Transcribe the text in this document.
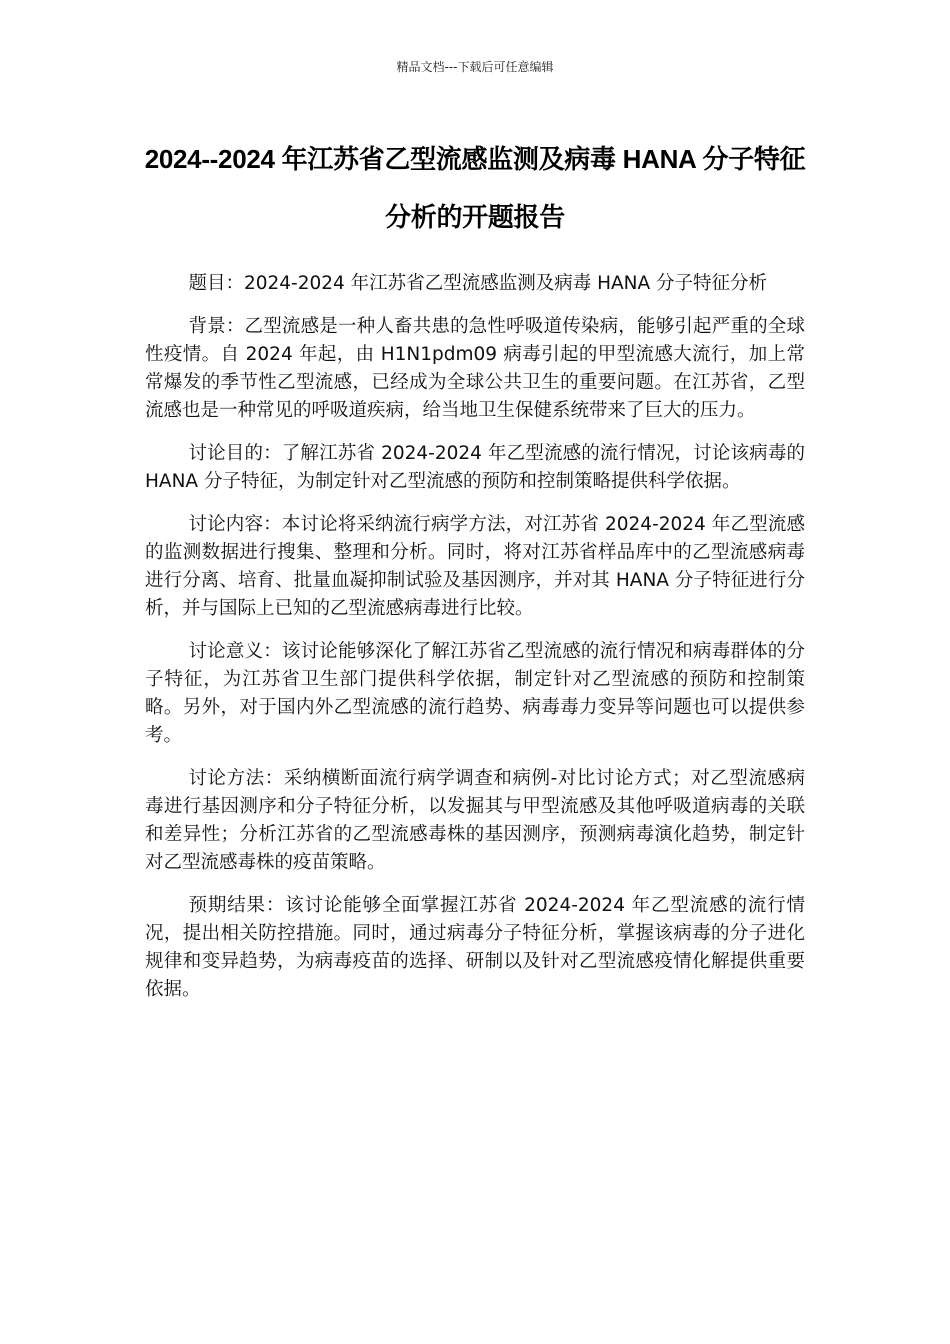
精品文档---下载后可任意编辑
2024--2024 年江苏省乙型流感监测及病毒 HANA 分子特征分析的开题报告

题目：2024-2024 年江苏省乙型流感监测及病毒 HANA 分子特征分析

背景：乙型流感是一种人畜共患的急性呼吸道传染病，能够引起严重的全球性疫情。自 2024 年起，由 H1N1pdm09 病毒引起的甲型流感大流行，加上常常爆发的季节性乙型流感，已经成为全球公共卫生的重要问题。在江苏省，乙型流感也是一种常见的呼吸道疾病，给当地卫生保健系统带来了巨大的压力。

讨论目的：了解江苏省 2024-2024 年乙型流感的流行情况，讨论该病毒的 HANA 分子特征，为制定针对乙型流感的预防和控制策略提供科学依据。

讨论内容：本讨论将采纳流行病学方法，对江苏省 2024-2024 年乙型流感的监测数据进行搜集、整理和分析。同时，将对江苏省样品库中的乙型流感病毒进行分离、培育、批量血凝抑制试验及基因测序，并对其 HANA 分子特征进行分析，并与国际上已知的乙型流感病毒进行比较。

讨论意义：该讨论能够深化了解江苏省乙型流感的流行情况和病毒群体的分子特征，为江苏省卫生部门提供科学依据，制定针对乙型流感的预防和控制策略。另外，对于国内外乙型流感的流行趋势、病毒毒力变异等问题也可以提供参考。

讨论方法：采纳横断面流行病学调查和病例-对比讨论方式；对乙型流感病毒进行基因测序和分子特征分析，以发掘其与甲型流感及其他呼吸道病毒的关联和差异性；分析江苏省的乙型流感毒株的基因测序，预测病毒演化趋势，制定针对乙型流感毒株的疫苗策略。

预期结果：该讨论能够全面掌握江苏省 2024-2024 年乙型流感的流行情况，提出相关防控措施。同时，通过病毒分子特征分析，掌握该病毒的分子进化规律和变异趋势，为病毒疫苗的选择、研制以及针对乙型流感疫情化解提供重要依据。
